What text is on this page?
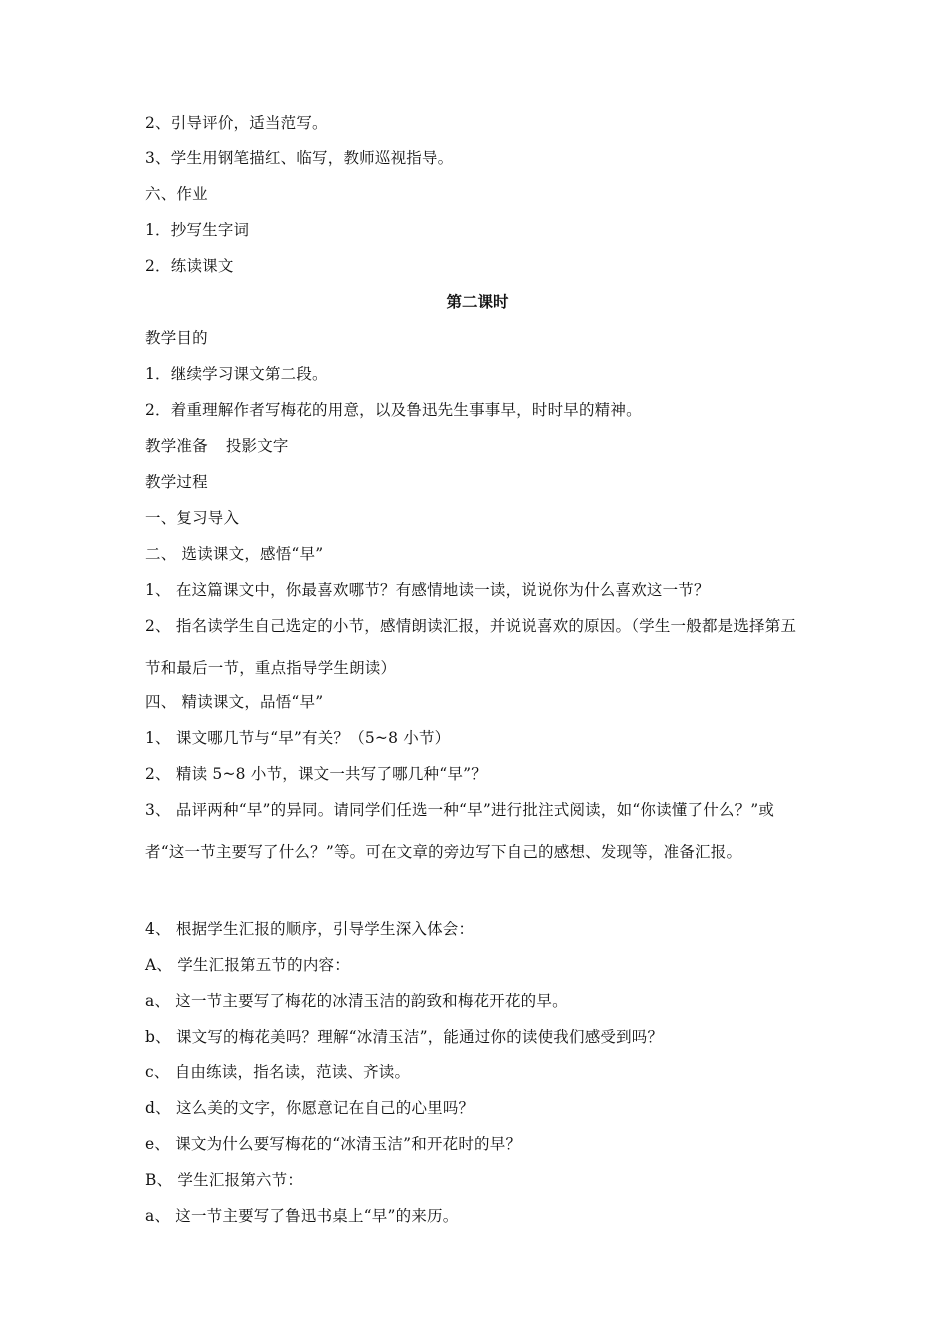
2、引导评价，适当范写。
3、学生用钢笔描红、临写，教师巡视指导。
六、作业
1．抄写生字词
2．练读课文
第二课时
教学目的
1．继续学习课文第二段。
2．着重理解作者写梅花的用意，以及鲁迅先生事事早，时时早的精神。
教学准备 投影文字
教学过程
一、复习导入
二、 选读课文，感悟“早”
1、 在这篇课文中，你最喜欢哪节？有感情地读一读，说说你为什么喜欢这一节？
2、 指名读学生自己选定的小节，感情朗读汇报，并说说喜欢的原因。（学生一般都是选择第五节和最后一节，重点指导学生朗读）
四、 精读课文，品悟“早”
1、 课文哪几节与“早”有关？（5~8 小节）
2、 精读 5~8 小节，课文一共写了哪几种“早”？
3、 品评两种“早”的异同。请同学们任选一种“早”进行批注式阅读，如“你读懂了什么？”或者“这一节主要写了什么？”等。可在文章的旁边写下自己的感想、发现等，准备汇报。
4、 根据学生汇报的顺序，引导学生深入体会：
A、 学生汇报第五节的内容：
a、 这一节主要写了梅花的冰清玉洁的韵致和梅花开花的早。
b、 课文写的梅花美吗？理解“冰清玉洁”，能通过你的读使我们感受到吗？
c、 自由练读，指名读，范读、齐读。
d、 这么美的文字，你愿意记在自己的心里吗？
e、 课文为什么要写梅花的“冰清玉洁”和开花时的早？
B、 学生汇报第六节：
a、 这一节主要写了鲁迅书桌上“早”的来历。
